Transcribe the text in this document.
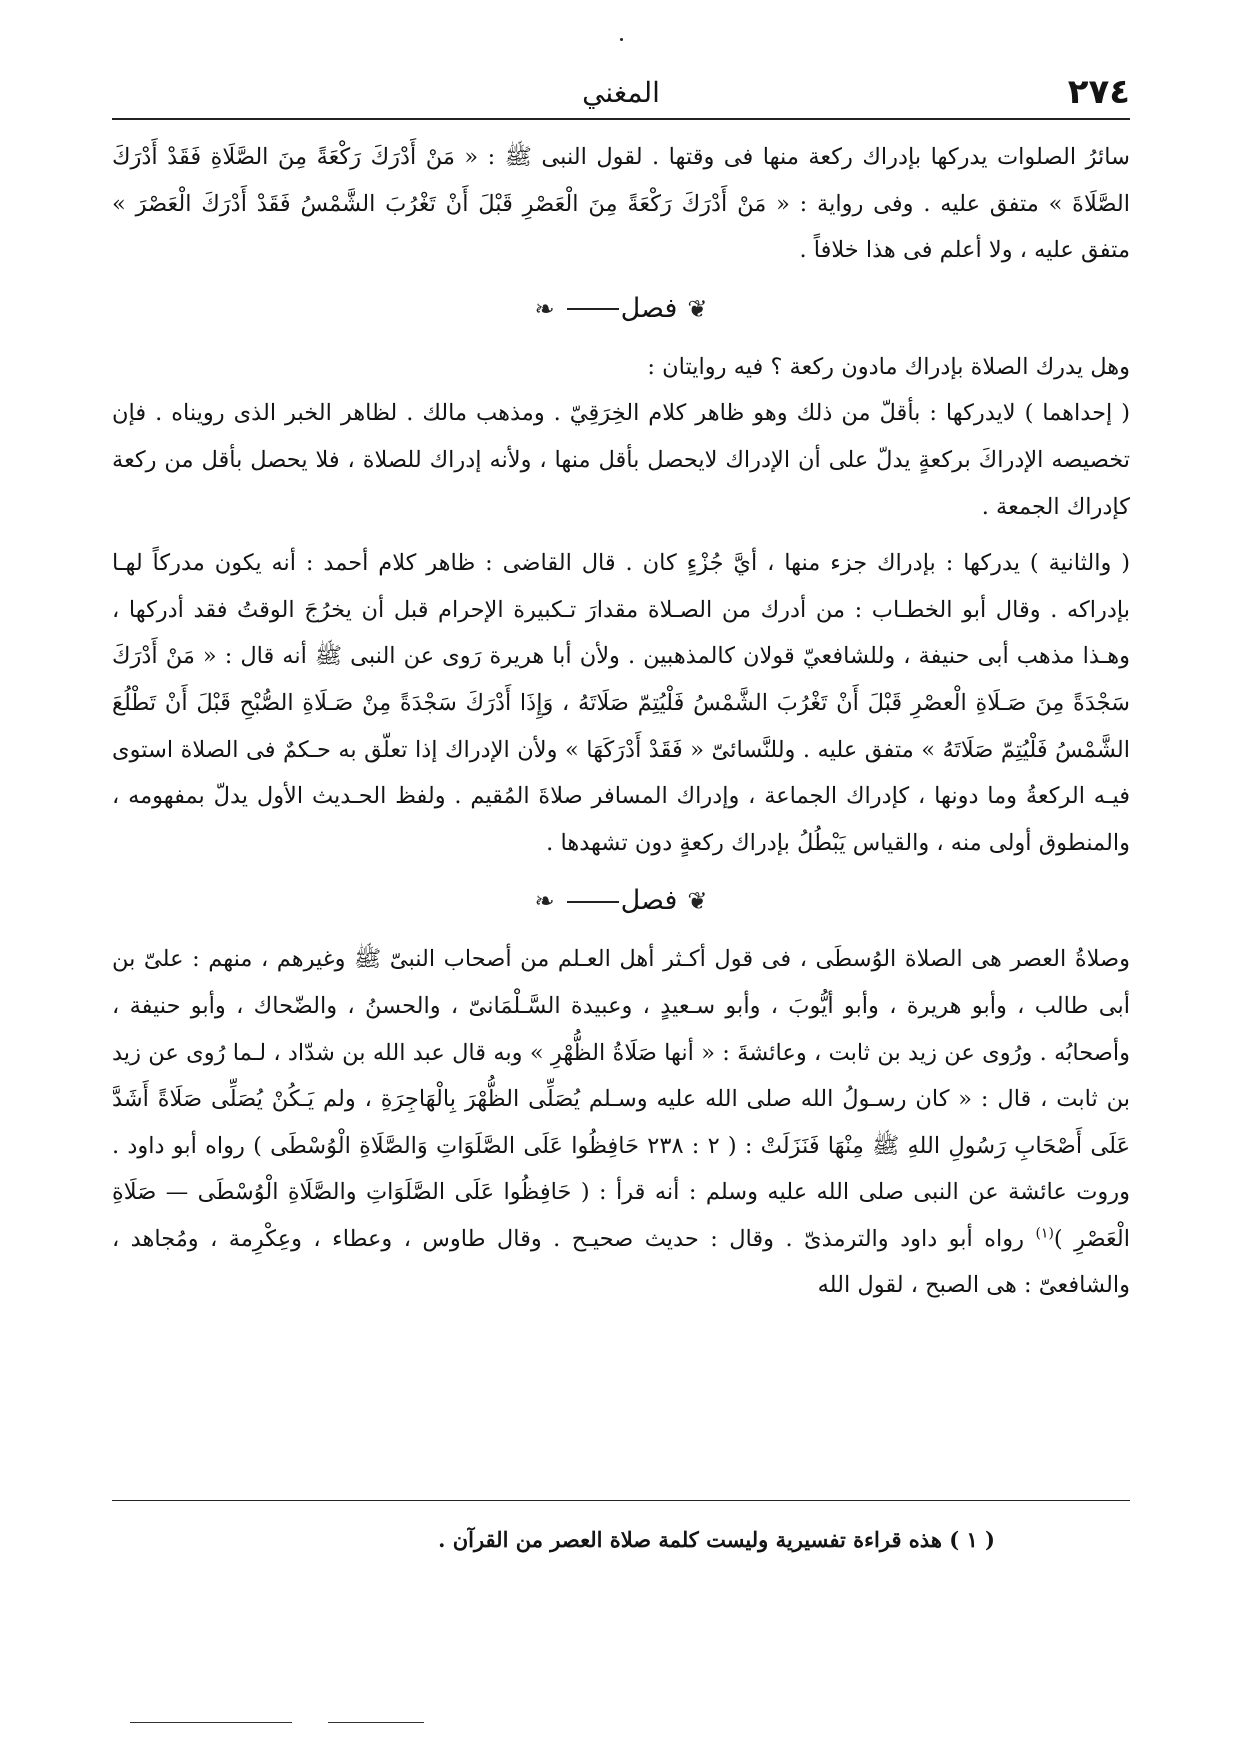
٢٧٤
المغني

سائرُ الصلوات يدركها بإدراك ركعة منها فى وقتها . لقول النبى ﷺ : « مَنْ أَدْرَكَ رَكْعَةً مِنَ الصَّلَاةِ فَقَدْ أَدْرَكَ الصَّلَاةَ » متفق عليه . وفى رواية : « مَنْ أَدْرَكَ رَكْعَةً مِنَ الْعَصْرِ قَبْلَ أَنْ تَغْرُبَ الشَّمْسُ فَقَدْ أَدْرَكَ الْعَصْرَ » متفق عليه ، ولا أعلم فى هذا خلافاً .

❦فصل❧

وهل يدرك الصلاة بإدراك مادون ركعة ؟ فيه روايتان :

( إحداهما ) لايدركها : بأقلّ من ذلك وهو ظاهر كلام الخِرَقِيّ . ومذهب مالك . لظاهر الخبر الذى رويناه . فإن تخصيصه الإدراكَ بركعةٍ يدلّ على أن الإدراك لايحصل بأقل منها ، ولأنه إدراك للصلاة ، فلا يحصل بأقل من ركعة كإدراك الجمعة .

( والثانية ) يدركها : بإدراك جزء منها ، أيَّ جُزْءٍ كان . قال القاضى : ظاهر كلام أحمد : أنه يكون مدركاً لهـا بإدراكه . وقال أبو الخطـاب : من أدرك من الصـلاة مقدارَ تـكبيرة الإحرام قبل أن يخرُجَ الوقتُ فقد أدركها ، وهـذا مذهب أبى حنيفة ، وللشافعيّ قولان كالمذهبين . ولأن أبا هريرة رَوى عن النبى ﷺ أنه قال : « مَنْ أَدْرَكَ سَجْدَةً مِنَ صَـلَاةِ الْعصْرِ قَبْلَ أَنْ تَغْرُبَ الشَّمْسُ فَلْيُتِمّ صَلَاتَهُ ، وَإِذَا أَدْرَكَ سَجْدَةً مِنْ صَـلَاةِ الصُّبْحِ قَبْلَ أَنْ تَطْلُعَ الشَّمْسُ فَلْيُتِمّ صَلَاتَهُ » متفق عليه . وللنَّسائىّ « فَقَدْ أَدْرَكَهَا » ولأن الإدراك إذا تعلّق به حـكمٌ فى الصلاة استوى فيـه الركعةُ وما دونها ، كإدراك الجماعة ، وإدراك المسافر صلاةَ المُقيم . ولفظ الحـديث الأول يدلّ بمفهومه ، والمنطوق أولى منه ، والقياس يَبْطُلُ بإدراك ركعةٍ دون تشهدها .

❦فصل❧

وصلاةُ العصر هى الصلاة الوُسطَى ، فى قول أكـثر أهل العـلم من أصحاب النبىّ ﷺ وغيرهم ، منهم : علىّ بن أبى طالب ، وأبو هريرة ، وأبو أيُّوبَ ، وأبو سـعيدٍ ، وعبيدة السَّـلْمَانىّ ، والحسنُ ، والضّحاك ، وأبو حنيفة ، وأصحابُه . ورُوى عن زيد بن ثابت ، وعائشةَ : « أنها صَلَاةُ الظُّهْرِ » وبه قال عبد الله بن شدّاد ، لـما رُوى عن زيد بن ثابت ، قال : « كان رسـولُ الله صلى الله عليه وسـلم يُصَلِّى الظُّهْرَ بِالْهَاجِرَةِ ، ولم يَـكُنْ يُصَلِّى صَلَاةً أَشَدَّ عَلَى أَصْحَابِ رَسُولِ اللهِ ﷺ مِنْهَا فَنَزَلَتْ : ( ٢ : ٢٣٨ حَافِظُوا عَلَى الصَّلَوَاتِ وَالصَّلَاةِ الْوُسْطَى ) رواه أبو داود . وروت عائشة عن النبى صلى الله عليه وسلم : أنه قرأ : ( حَافِظُوا عَلَى الصَّلَوَاتِ والصَّلَاةِ الْوُسْطَى — صَلَاةِ الْعَصْرِ )$^{(١)}$ رواه أبو داود والترمذىّ . وقال : حديث صحيـح . وقال طاوس ، وعطاء ، وعِكْرِمة ، ومُجاهد ، والشافعىّ : هى الصبح ، لقول الله

( ١ ) هذه قراءة تفسيرية وليست كلمة صلاة العصر من القرآن .
